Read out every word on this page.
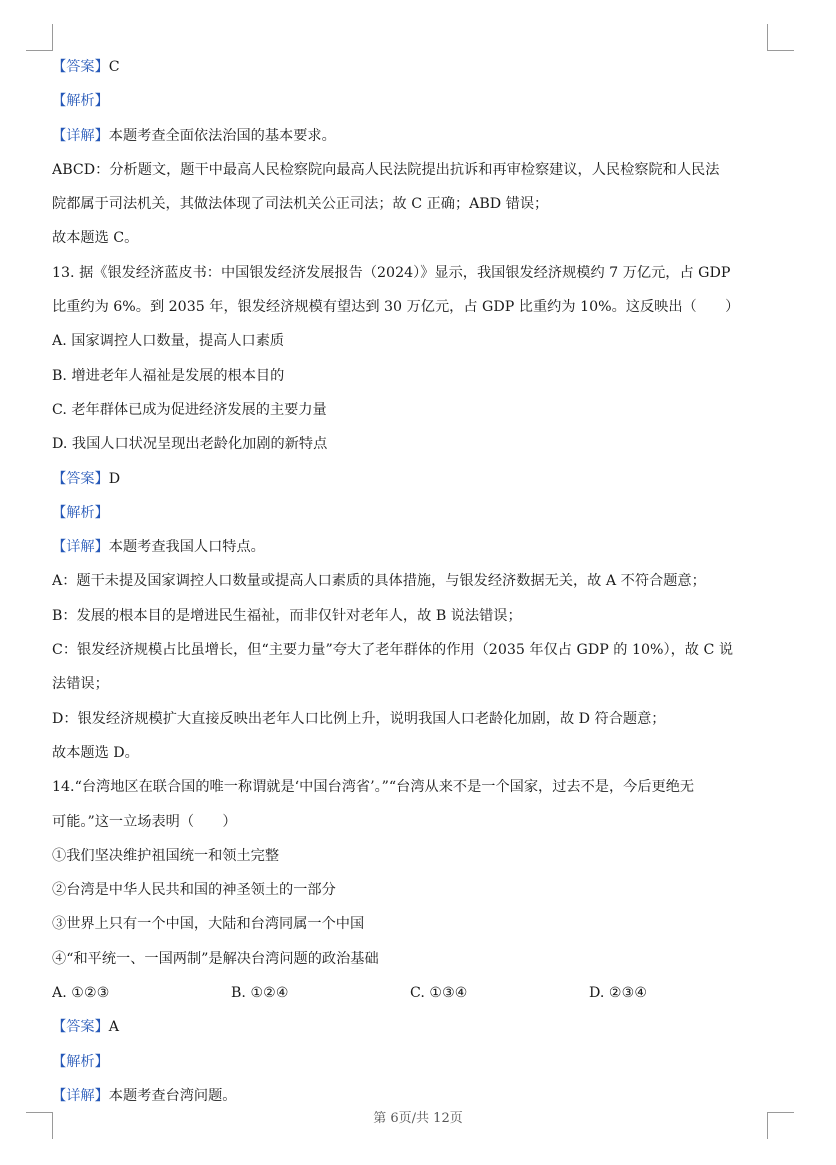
【答案】C
【解析】
【详解】本题考查全面依法治国的基本要求。
ABCD：分析题文，题干中最高人民检察院向最高人民法院提出抗诉和再审检察建议，人民检察院和人民法
院都属于司法机关，其做法体现了司法机关公正司法；故 C 正确；ABD 错误；
故本题选 C。
13. 据《银发经济蓝皮书：中国银发经济发展报告（2024）》显示，我国银发经济规模约 7 万亿元，占 GDP
比重约为 6%。到 2035 年，银发经济规模有望达到 30 万亿元，占 GDP 比重约为 10%。这反映出（　　）
A. 国家调控人口数量，提高人口素质
B. 增进老年人福祉是发展的根本目的
C. 老年群体已成为促进经济发展的主要力量
D. 我国人口状况呈现出老龄化加剧的新特点
【答案】D
【解析】
【详解】本题考查我国人口特点。
A：题干未提及国家调控人口数量或提高人口素质的具体措施，与银发经济数据无关，故 A 不符合题意；
B：发展的根本目的是增进民生福祉，而非仅针对老年人，故 B 说法错误；
C：银发经济规模占比虽增长，但“主要力量”夸大了老年群体的作用（2035 年仅占 GDP 的 10%），故 C 说
法错误；
D：银发经济规模扩大直接反映出老年人口比例上升，说明我国人口老龄化加剧，故 D 符合题意；
故本题选 D。
14.“台湾地区在联合国的唯一称谓就是‘中国台湾省’。”“台湾从来不是一个国家，过去不是，今后更绝无
可能。”这一立场表明（　　）
①我们坚决维护祖国统一和领土完整
②台湾是中华人民共和国的神圣领土的一部分
③世界上只有一个中国，大陆和台湾同属一个中国
④“和平统一、一国两制”是解决台湾问题的政治基础
A. ①②③	B. ①②④	C. ①③④	D. ②③④
【答案】A
【解析】
【详解】本题考查台湾问题。
第 6页/共 12页
